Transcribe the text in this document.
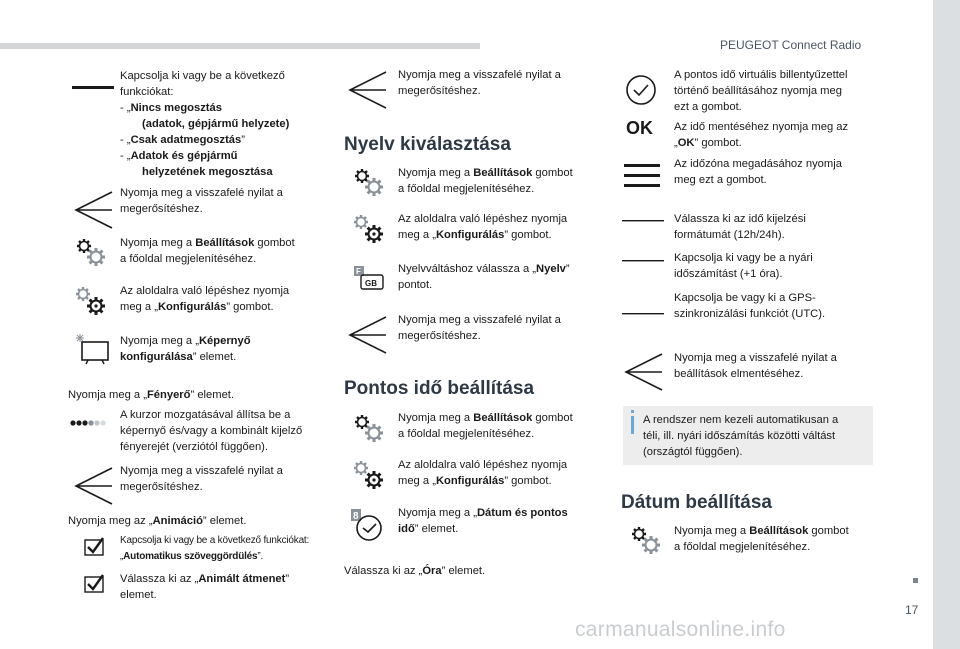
PEUGEOT Connect Radio
17
carmanualsonline.info
Kapcsolja ki vagy be a következő
funkciókat:
- „Nincs megosztás

(adatok, gépjármű helyzete)
- „Csak adatmegosztás”
- „Adatok és gépjármű

helyzetének megosztása
Nyomja meg a visszafelé nyilat a
megerősítéshez.
Nyomja meg a Beállítások gombot
a főoldal megjelenítéséhez.
Az aloldalra való lépéshez nyomja
meg a „Konfigurálás” gombot.
Nyomja meg a „Képernyő
konfigurálása” elemet.
Nyomja meg a „Fényerő” elemet.
A kurzor mozgatásával állítsa be a
képernyő és/vagy a kombinált kijelző
fényerejét (verziótól függően).
Nyomja meg a visszafelé nyilat a
megerősítéshez.
Nyomja meg az „Animáció” elemet.
Kapcsolja ki vagy be a következő funkciókat:
„Automatikus szöveggördülés”.
Válassza ki az „Animált átmenet”
elemet.
Nyomja meg a visszafelé nyilat a
megerősítéshez.
Nyelv kiválasztása
Nyomja meg a Beállítások gombot
a főoldal megjelenítéséhez.
Az aloldalra való lépéshez nyomja
meg a „Konfigurálás” gombot.
F
GB
Nyelvváltáshoz válassza a „Nyelv”
pontot.
Nyomja meg a visszafelé nyilat a
megerősítéshez.
Pontos idő beállítása
Nyomja meg a Beállítások gombot
a főoldal megjelenítéséhez.
Az aloldalra való lépéshez nyomja
meg a „Konfigurálás” gombot.
8	Nyomja meg a „Dátum és pontos
idő” elemet.
Válassza ki az „Óra” elemet.
A pontos idő virtuális billentyűzettel
történő beállításához nyomja meg
ezt a gombot.
OK Az idő mentéséhez nyomja meg az
„OK” gombot.
Az időzóna megadásához nyomja
meg ezt a gombot.
Válassza ki az idő kijelzési
formátumát (12h/24h).
Kapcsolja ki vagy be a nyári
időszámítást (+1 óra).
Kapcsolja be vagy ki a GPS-
szinkronizálási funkciót (UTC).
Nyomja meg a visszafelé nyilat a
beállítások elmentéséhez.
A rendszer nem kezeli automatikusan a
téli, ill. nyári időszámítás közötti váltást
(országtól függően).
Dátum beállítása
Nyomja meg a Beállítások gombot
a főoldal megjelenítéséhez.
